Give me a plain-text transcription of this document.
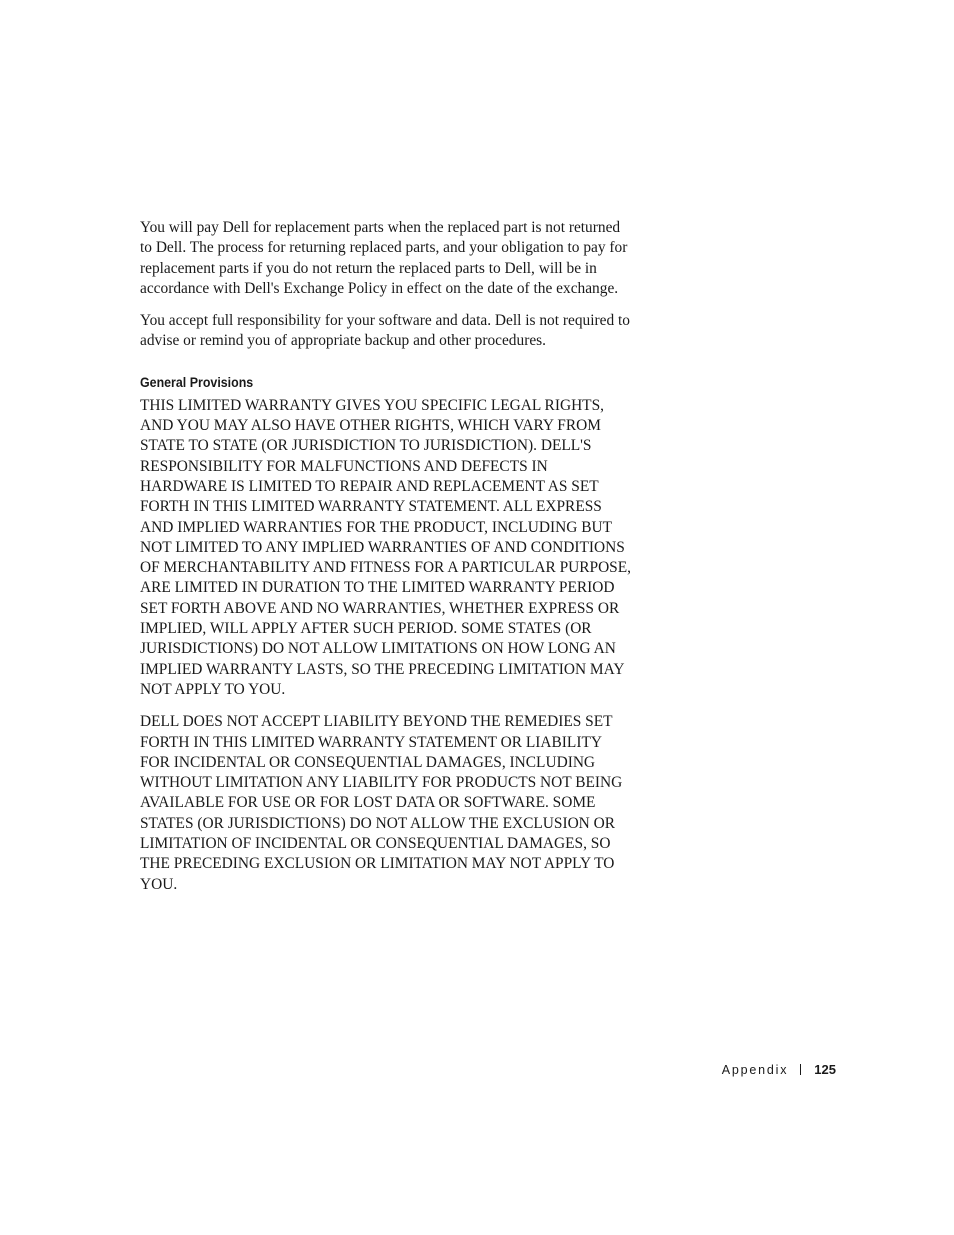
You will pay Dell for replacement parts when the replaced part is not returned to Dell. The process for returning replaced parts, and your obligation to pay for replacement parts if you do not return the replaced parts to Dell, will be in accordance with Dell's Exchange Policy in effect on the date of the exchange.

You accept full responsibility for your software and data. Dell is not required to advise or remind you of appropriate backup and other procedures.

General Provisions

THIS LIMITED WARRANTY GIVES YOU SPECIFIC LEGAL RIGHTS, AND YOU MAY ALSO HAVE OTHER RIGHTS, WHICH VARY FROM STATE TO STATE (OR JURISDICTION TO JURISDICTION). DELL'S RESPONSIBILITY FOR MALFUNCTIONS AND DEFECTS IN HARDWARE IS LIMITED TO REPAIR AND REPLACEMENT AS SET FORTH IN THIS LIMITED WARRANTY STATEMENT. ALL EXPRESS AND IMPLIED WARRANTIES FOR THE PRODUCT, INCLUDING BUT NOT LIMITED TO ANY IMPLIED WARRANTIES OF AND CONDITIONS OF MERCHANTABILITY AND FITNESS FOR A PARTICULAR PURPOSE, ARE LIMITED IN DURATION TO THE LIMITED WARRANTY PERIOD SET FORTH ABOVE AND NO WARRANTIES, WHETHER EXPRESS OR IMPLIED, WILL APPLY AFTER SUCH PERIOD. SOME STATES (OR JURISDICTIONS) DO NOT ALLOW LIMITATIONS ON HOW LONG AN IMPLIED WARRANTY LASTS, SO THE PRECEDING LIMITATION MAY NOT APPLY TO YOU.

DELL DOES NOT ACCEPT LIABILITY BEYOND THE REMEDIES SET FORTH IN THIS LIMITED WARRANTY STATEMENT OR LIABILITY FOR INCIDENTAL OR CONSEQUENTIAL DAMAGES, INCLUDING WITHOUT LIMITATION ANY LIABILITY FOR PRODUCTS NOT BEING AVAILABLE FOR USE OR FOR LOST DATA OR SOFTWARE. SOME STATES (OR JURISDICTIONS) DO NOT ALLOW THE EXCLUSION OR LIMITATION OF INCIDENTAL OR CONSEQUENTIAL DAMAGES, SO THE PRECEDING EXCLUSION OR LIMITATION MAY NOT APPLY TO YOU.

Appendix 125
